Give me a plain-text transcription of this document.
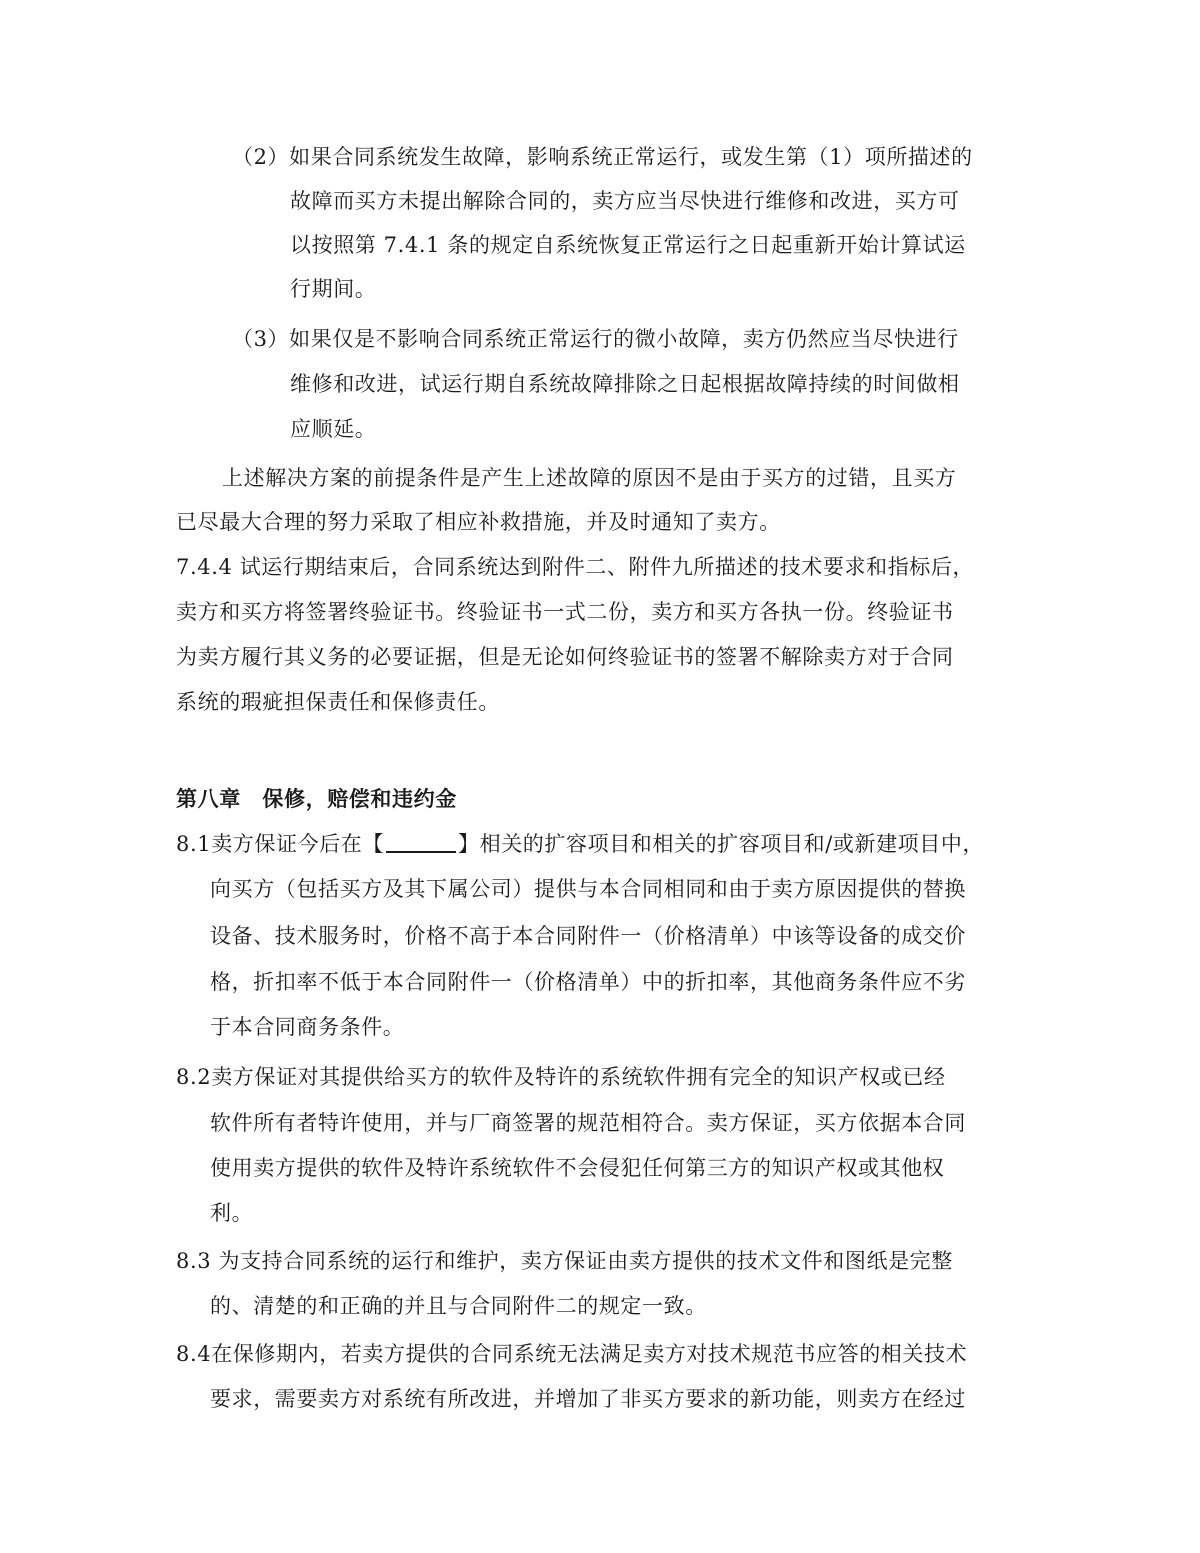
（2）如果合同系统发生故障，影响系统正常运行，或发生第（1）项所描述的
故障而买方未提出解除合同的，卖方应当尽快进行维修和改进，买方可
以按照第 7.4.1 条的规定自系统恢复正常运行之日起重新开始计算试运
行期间。
（3）如果仅是不影响合同系统正常运行的微小故障，卖方仍然应当尽快进行
维修和改进，试运行期自系统故障排除之日起根据故障持续的时间做相
应顺延。
上述解决方案的前提条件是产生上述故障的原因不是由于买方的过错，且买方
已尽最大合理的努力采取了相应补救措施，并及时通知了卖方。
7.4.4 试运行期结束后，合同系统达到附件二、附件九所描述的技术要求和指标后，
卖方和买方将签署终验证书。终验证书一式二份，卖方和买方各执一份。终验证书
为卖方履行其义务的必要证据，但是无论如何终验证书的签署不解除卖方对于合同
系统的瑕疵担保责任和保修责任。
第八章　保修，赔偿和违约金
8.1卖方保证今后在【	】相关的扩容项目和相关的扩容项目和/或新建项目中，
向买方（包括买方及其下属公司）提供与本合同相同和由于卖方原因提供的替换
设备、技术服务时，价格不高于本合同附件一（价格清单）中该等设备的成交价
格，折扣率不低于本合同附件一（价格清单）中的折扣率，其他商务条件应不劣
于本合同商务条件。
8.2卖方保证对其提供给买方的软件及特许的系统软件拥有完全的知识产权或已经
软件所有者特许使用，并与厂商签署的规范相符合。卖方保证，买方依据本合同
使用卖方提供的软件及特许系统软件不会侵犯任何第三方的知识产权或其他权
利。
8.3 为支持合同系统的运行和维护，卖方保证由卖方提供的技术文件和图纸是完整
的、清楚的和正确的并且与合同附件二的规定一致。
8.4在保修期内，若卖方提供的合同系统无法满足卖方对技术规范书应答的相关技术
要求，需要卖方对系统有所改进，并增加了非买方要求的新功能，则卖方在经过
